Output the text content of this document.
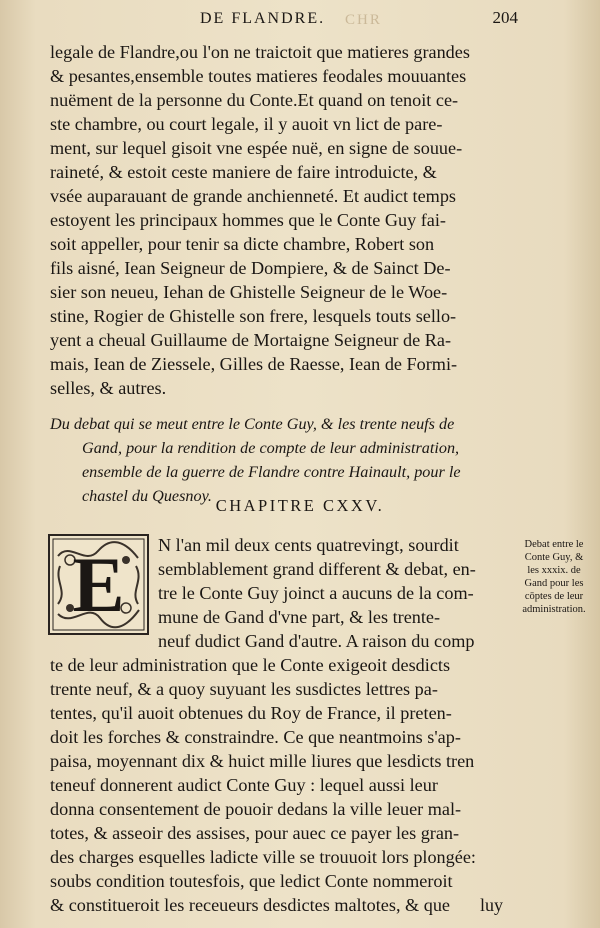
DE FLANDRE. CHR	204
legale de Flandre,ou l'on ne traictoit que matieres grandes
& pesantes,ensemble toutes matieres feodales mouuantes
nuëment de la personne du Conte.Et quand on tenoit ce-
ste chambre, ou court legale, il y auoit vn lict de pare-
ment, sur lequel gisoit vne espée nuë, en signe de souue-
raineté, & estoit ceste maniere de faire introduicte, &
vsée auparauant de grande anchienneté. Et audict temps
estoyent les principaux hommes que le Conte Guy fai-
soit appeller, pour tenir sa dicte chambre, Robert son
fils aisné, Iean Seigneur de Dompiere, & de Sainct De-
sier son neueu, Iehan de Ghistelle Seigneur de le Woe-
stine, Rogier de Ghistelle son frere, lesquels touts sello-
yent a cheual Guillaume de Mortaigne Seigneur de Ra-
mais, Iean de Ziessele, Gilles de Raesse, Iean de Formi-
selles, & autres.
Du debat qui se meut entre le Conte Guy, & les trente neufs de
Gand, pour la rendition de compte de leur administration,
ensemble de la guerre de Flandre contre Hainault, pour le
chastel du Quesnoy. CHAPITRE CXXV.
E	N l'an mil deux cents quatrevingt, sourdit
semblablement grand different & debat, en-
tre le Conte Guy joinct a aucuns de la com-
mune de Gand d'vne part, & les trente-
neuf dudict Gand d'autre. A raison du comp
Debat entre le
Conte Guy, &
les xxxix. de
Gand pour les
cōptes de leur
administration.
te de leur administration que le Conte exigeoit desdicts
trente neuf, & a quoy suyuant les susdictes lettres pa-
tentes, qu'il auoit obtenues du Roy de France, il preten-
doit les forches & constraindre. Ce que neantmoins s'ap-
paisa, moyennant dix & huict mille liures que lesdicts tren
teneuf donnerent audict Conte Guy : lequel aussi leur
donna consentement de pouoir dedans la ville leuer mal-
totes, & asseoir des assises, pour auec ce payer les gran-
des charges esquelles ladicte ville se trouuoit lors plongée:
soubs condition toutesfois, que ledict Conte nommeroit
& constitueroit les receueurs desdictes maltotes, & que	luy
